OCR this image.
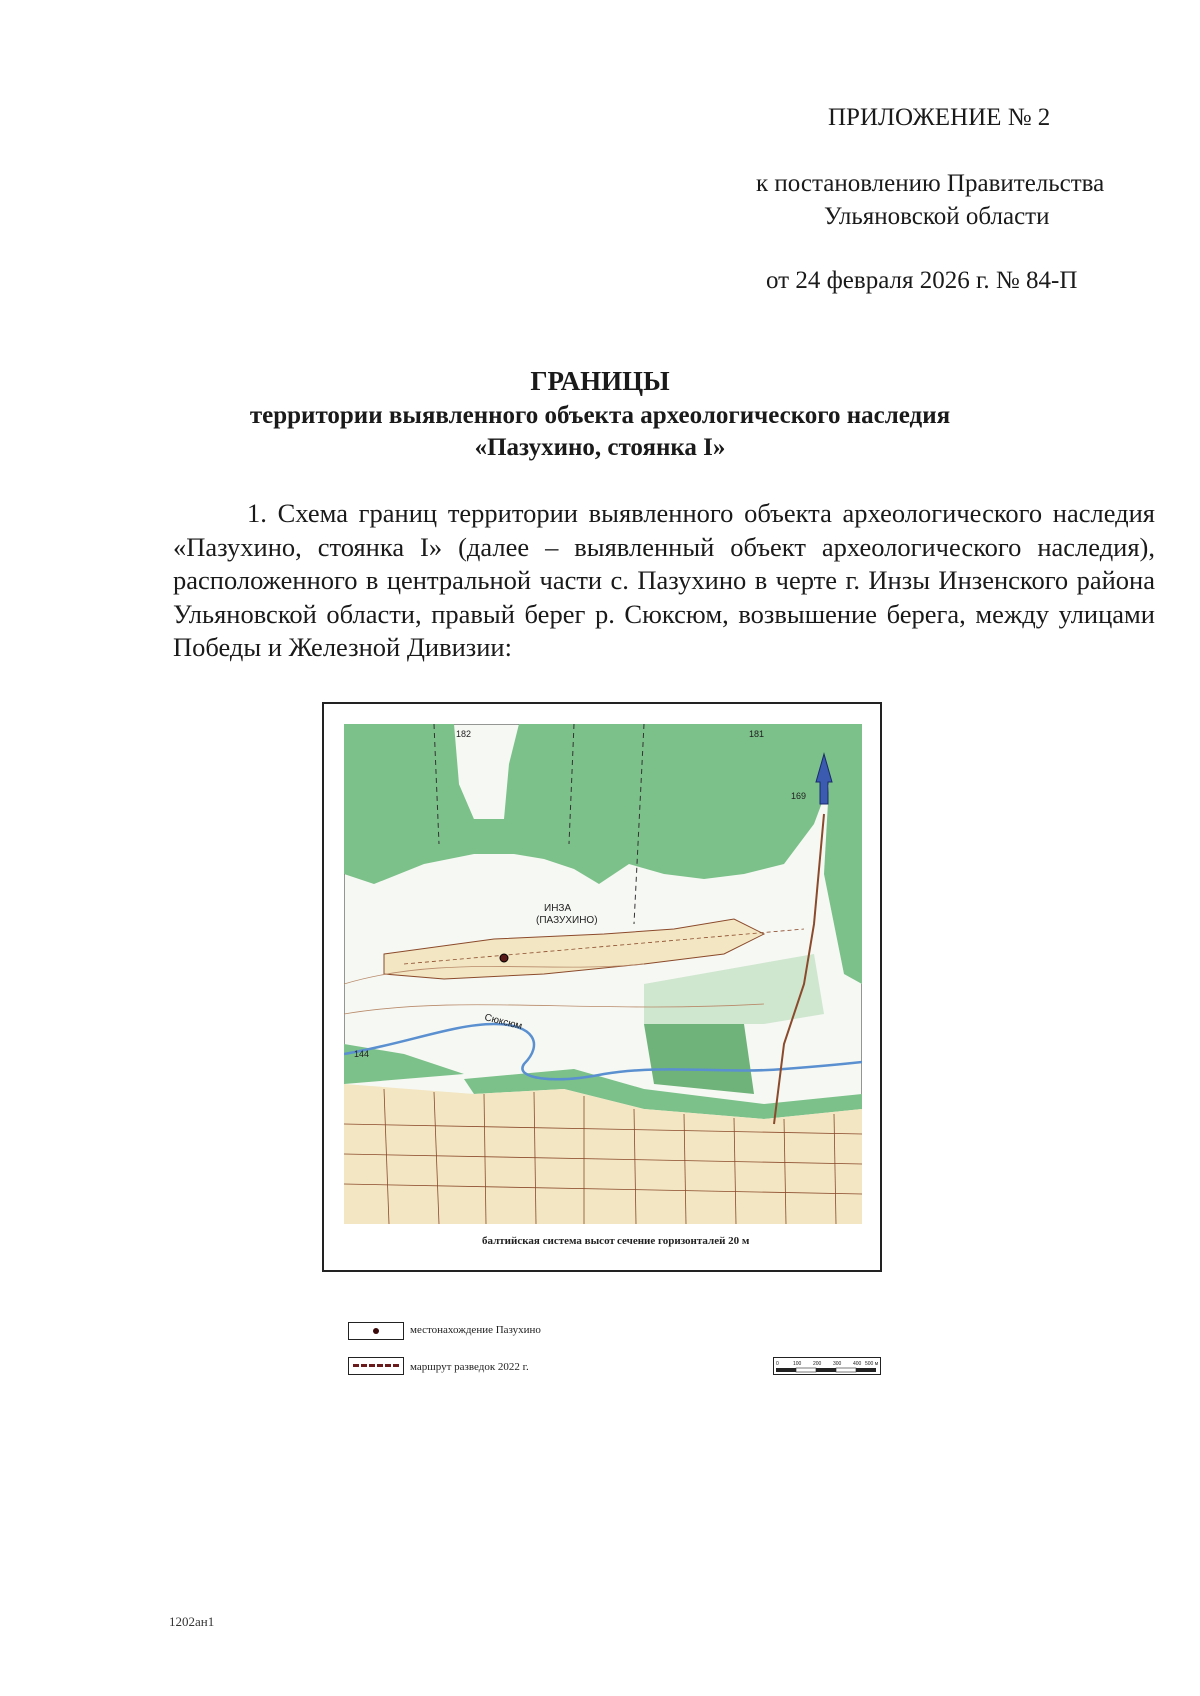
ПРИЛОЖЕНИЕ № 2
к постановлению Правительства
Ульяновской области
от 24 февраля 2026 г. № 84-П
ГРАНИЦЫ
территории выявленного объекта археологического наследия
«Пазухино, стоянка I»
1. Схема границ территории выявленного объекта археологического наследия «Пазухино, стоянка I» (далее – выявленный объект археологического наследия), расположенного в центральной части с. Пазухино в черте г. Инзы Инзенского района Ульяновской области, правый берег р. Сюксюм, возвышение берега, между улицами Победы и Железной Дивизии:
182	181
169
144
ИНЗА
(ПАЗУХИНО)
Сюксюм
балтийская система высот сечение горизонталей 20 м
местонахождение Пазухино
маршрут разведок 2022 г.	0	100 200 300 400 500 м
1202ан1
